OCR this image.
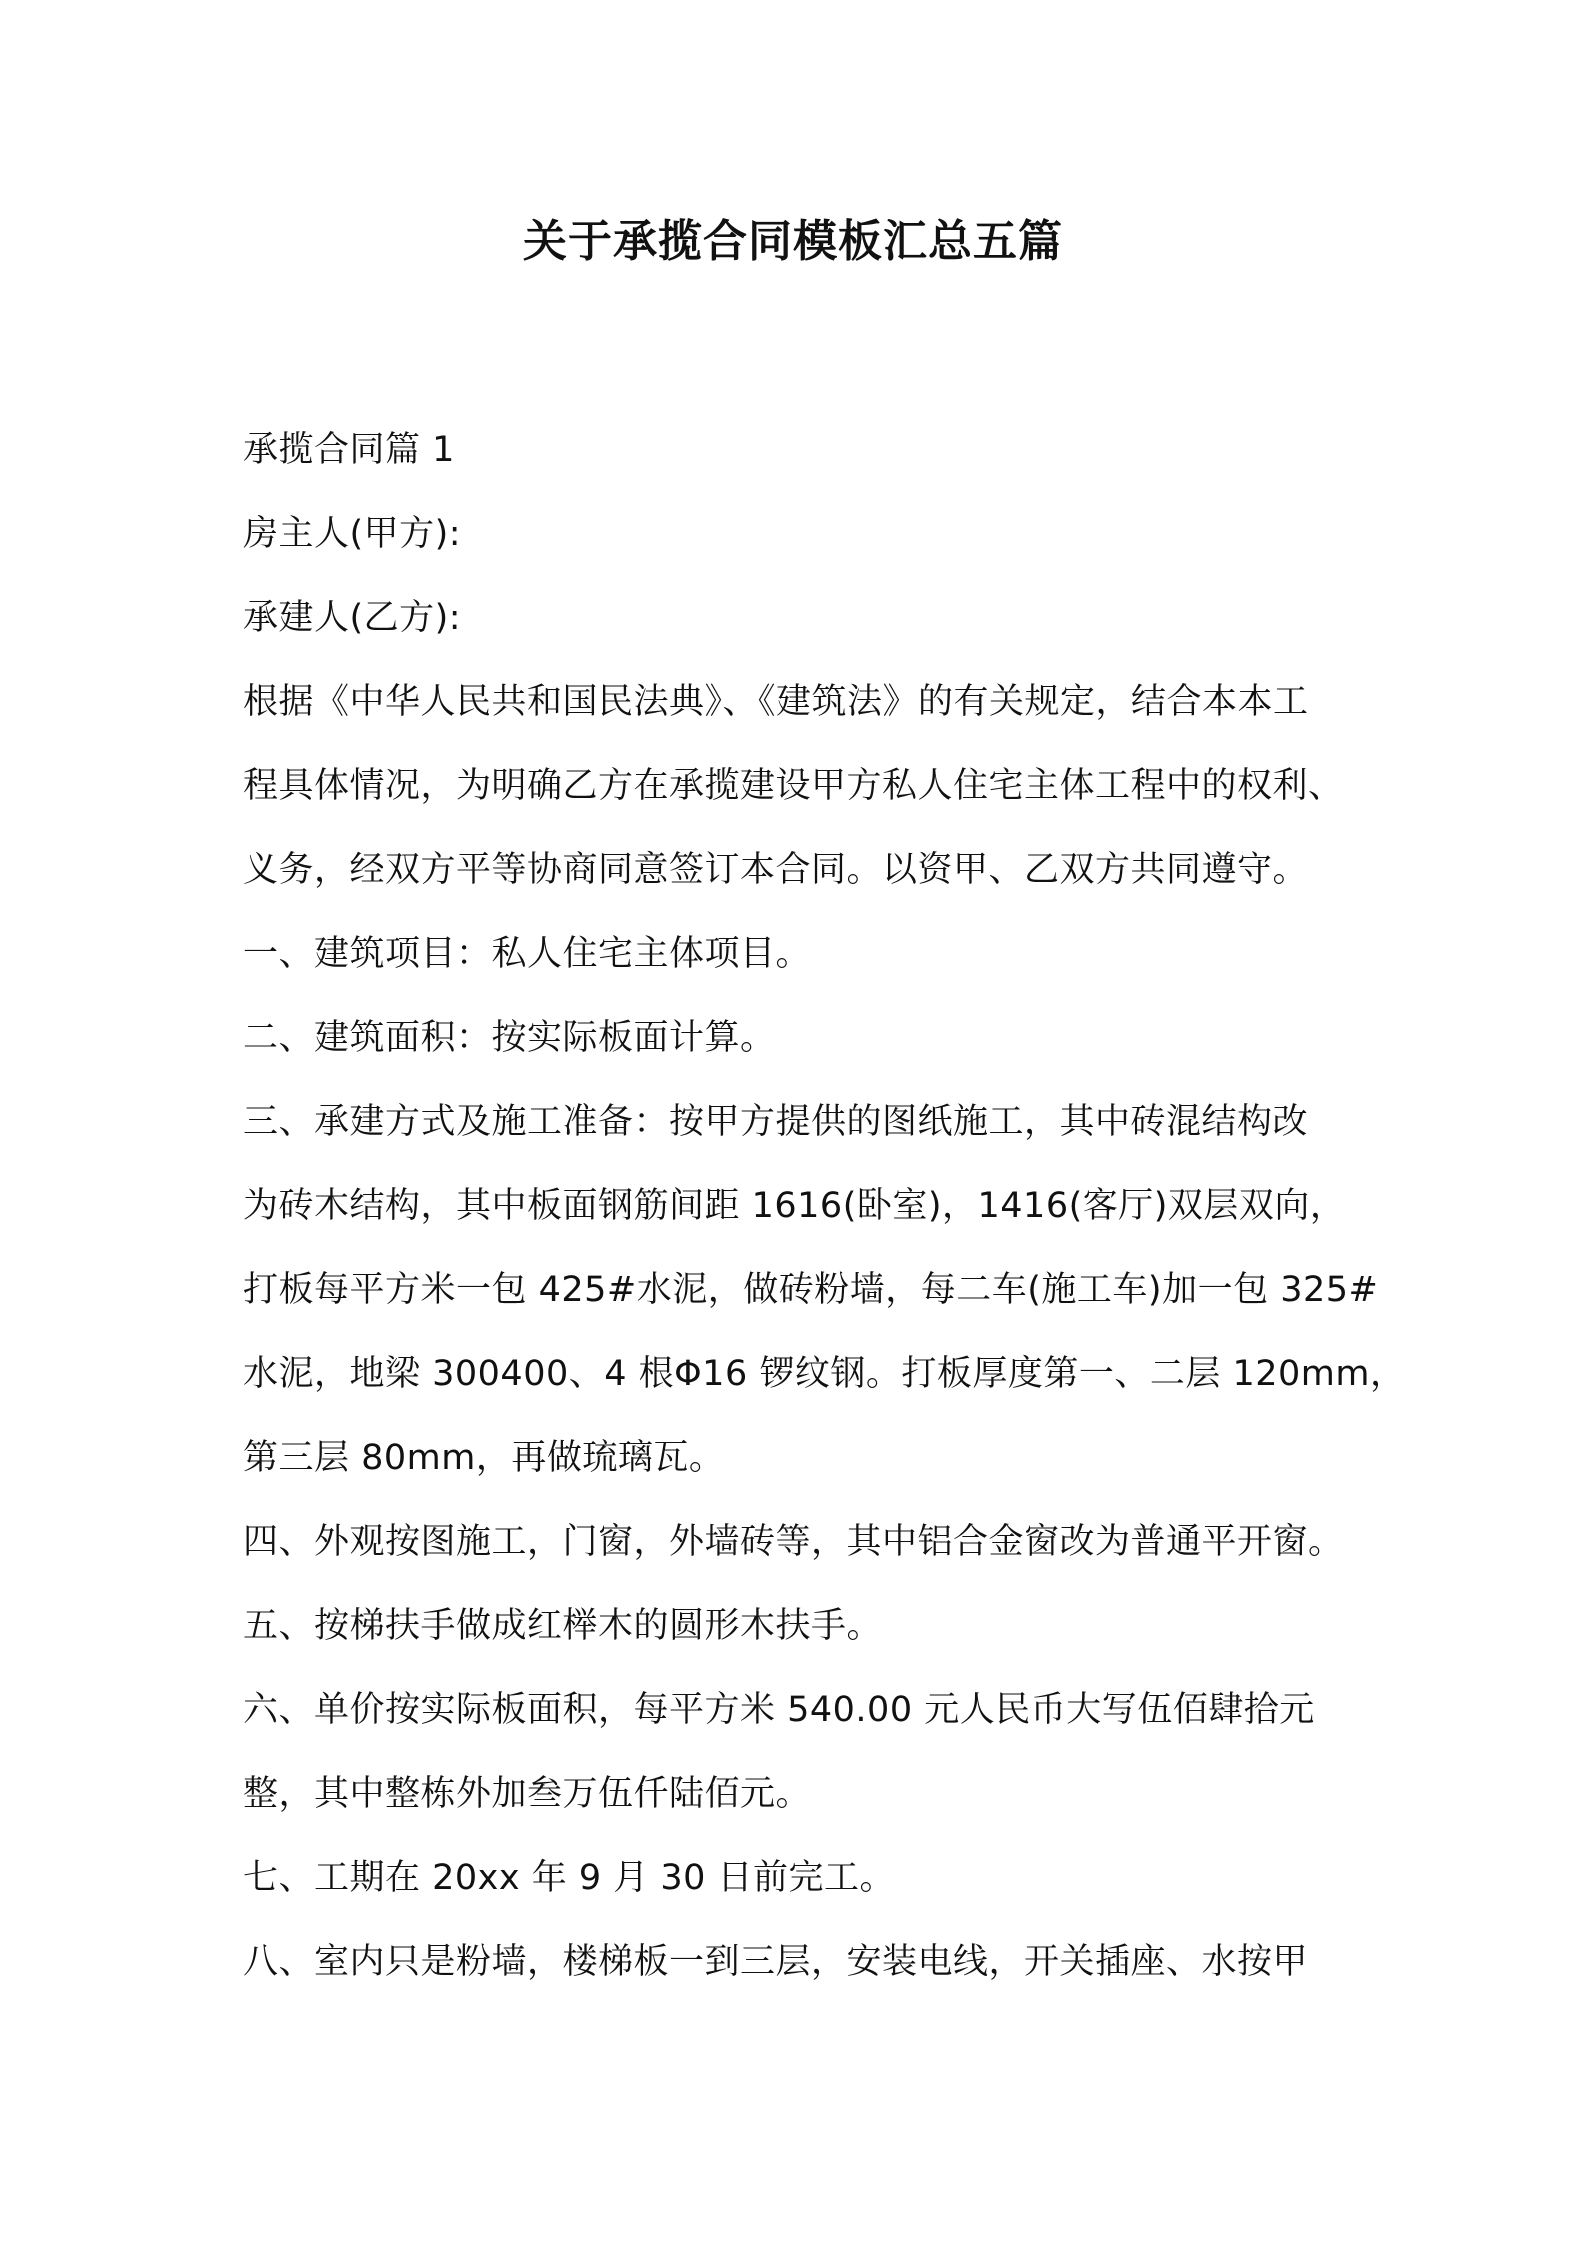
关于承揽合同模板汇总五篇

承揽合同篇 1

房主人(甲方):

承建人(乙方):

根据《中华人民共和国民法典》、《建筑法》的有关规定，结合本本工

程具体情况，为明确乙方在承揽建设甲方私人住宅主体工程中的权利、

义务，经双方平等协商同意签订本合同。以资甲、乙双方共同遵守。

一、建筑项目：私人住宅主体项目。

二、建筑面积：按实际板面计算。

三、承建方式及施工准备：按甲方提供的图纸施工，其中砖混结构改

为砖木结构，其中板面钢筋间距 1616(卧室)，1416(客厅)双层双向，

打板每平方米一包 425#水泥，做砖粉墙，每二车(施工车)加一包 325#

水泥，地梁 300400、4 根Φ16 锣纹钢。打板厚度第一、二层 120mm，

第三层 80mm，再做琉璃瓦。

四、外观按图施工，门窗，外墙砖等，其中铝合金窗改为普通平开窗。

五、按梯扶手做成红榉木的圆形木扶手。

六、单价按实际板面积，每平方米 540.00 元人民币大写伍佰肆拾元

整，其中整栋外加叁万伍仟陆佰元。

七、工期在 20xx 年 9 月 30 日前完工。

八、室内只是粉墙，楼梯板一到三层，安装电线，开关插座、水按甲
